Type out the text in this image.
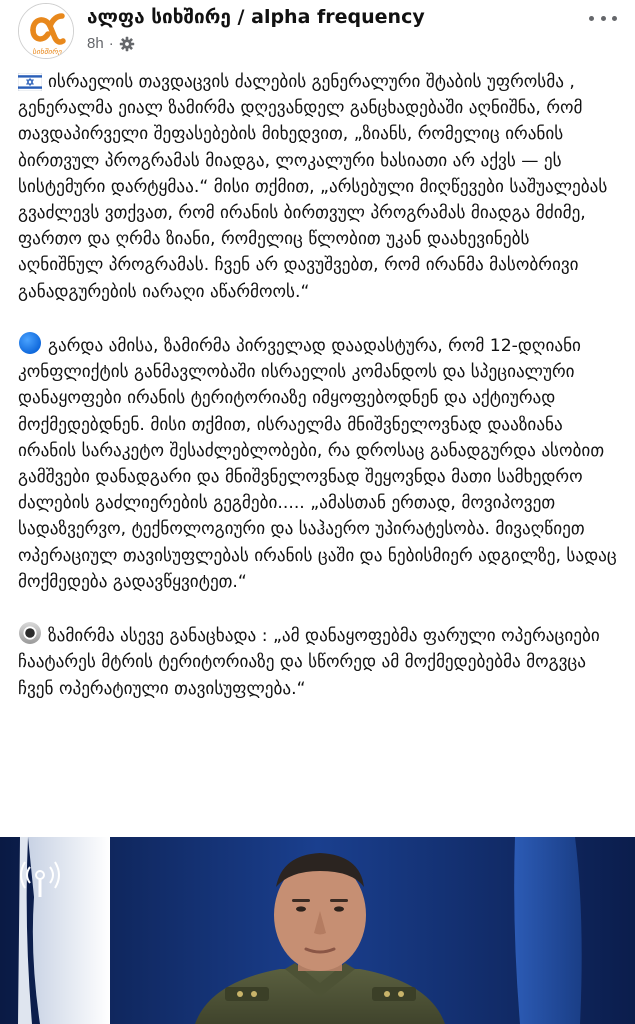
სიხშირე
ალფა სიხშირე / alpha frequency
8h ·

ისრაელის თავდაცვის ძალების გენერალური შტაბის უფროსმა , გენერალმა ეიალ ზამირმა დღევანდელ განცხადებაში აღნიშნა, რომ თავდაპირველი შეფასებების მიხედვით, „ზიანს, რომელიც ირანის ბირთვულ პროგრამას მიადგა, ლოკალური ხასიათი არ აქვს — ეს სისტემური დარტყმაა.“ მისი თქმით, „არსებული მიღწევები საშუალებას გვაძლევს ვთქვათ, რომ ირანის ბირთვულ პროგრამას მიადგა მძიმე, ფართო და ღრმა ზიანი, რომელიც წლობით უკან დაახევინებს აღნიშნულ პროგრამას. ჩვენ არ დავუშვებთ, რომ ირანმა მასობრივი განადგურების იარაღი აწარმოოს.“

გარდა ამისა, ზამირმა პირველად დაადასტურა, რომ 12-დღიანი კონფლიქტის განმავლობაში ისრაელის კომანდოს და სპეციალური დანაყოფები ირანის ტერიტორიაზე იმყოფებოდნენ და აქტიურად მოქმედებდნენ. მისი თქმით, ისრაელმა მნიშვნელოვნად დააზიანა ირანის სარაკეტო შესაძლებლობები, რა დროსაც განადგურდა ასობით გამშვები დანადგარი და მნიშვნელოვნად შეყოვნდა მათი სამხედრო ძალების გაძლიერების გეგმები..... „ამასთან ერთად, მოვიპოვეთ სადაზვერვო, ტექნოლოგიური და საჰაერო უპირატესობა. მივაღწიეთ ოპერაციულ თავისუფლებას ირანის ცაში და ნებისმიერ ადგილზე, სადაც მოქმედება გადავწყვიტეთ.“

ზამირმა ასევე განაცხადა : „ამ დანაყოფებმა ფარული ოპერაციები ჩაატარეს მტრის ტერიტორიაზე და სწორედ ამ მოქმედებებმა მოგვცა ჩვენ ოპერატიული თავისუფლება.“
